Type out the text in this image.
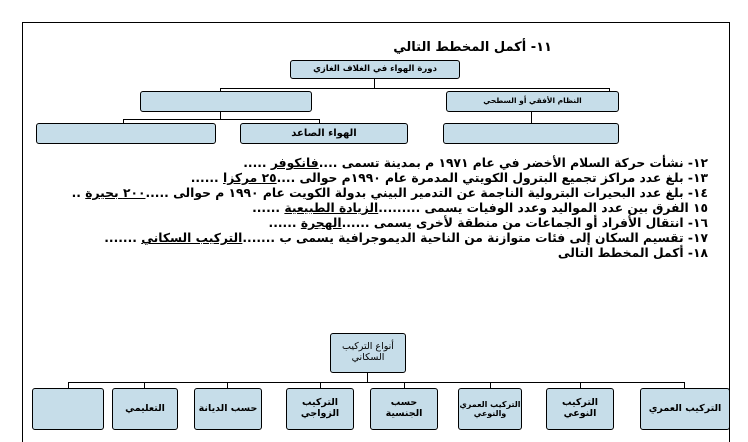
١١- أكمل المخطط التالي
دورة الهواء في الغلاف الغازي
النظام الأفقي أو السطحي
الهواء الصاعد
١٢- نشأت حركة السلام الأخضر في عام ١٩٧١ م بمدينة تسمى ....فانكوفر .....
١٣- بلغ عدد مراكز تجميع البترول الكويتي المدمرة عام ١٩٩٠م حوالى ....٢٥ مركزا ......
١٤- بلغ عدد البحيرات البترولية الناجمة عن التدمير البيني بدولة الكويت عام ١٩٩٠ م حوالى .....٢٠٠ بحيرة ..
١٥ الفرق بين عدد المواليد وعدد الوفيات يسمى .........الزيادة الطبيعية ......
١٦- انتقال الأفراد أو الجماعات من منطقة لأخرى يسمى ......الهجرة ......
١٧- تقسيم السكان إلى فئات متوازنة من الناحية الديموجرافية يسمى ب .......التركيب السكاني .......
١٨- أكمل المخطط التالى
أنواع التركيب السكاني
التركيب العمري
التركيب النوعي
التركيب العمري والنوعي
حسب الجنسية
التركيب الزواجي
حسب الديانة
التعليمي
